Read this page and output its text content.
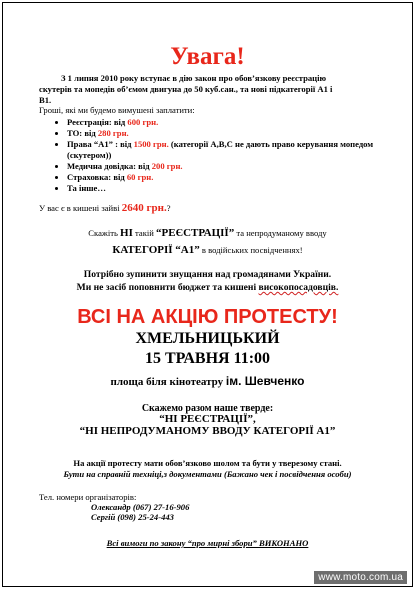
Увага!
З 1 липня 2010 року вступає в дію закон про обов’язкову реєстрацію
скутерів та мопедів об’ємом двигуна до 50 куб.сан., та нові підкатегорії А1 і
В1.
Гроші, які ми будемо вимушені заплатити:
• Реєстрація: від 600 грн.
• ТО: від 280 грн.
• Права “А1” : від 1500 грн. (категорії А,В,С не дають право керування мопедом (скутером))
• Медична довідка: від 200 грн.
• Страховка: від 60 грн.
• Та інше…
У вас є в кишені зайві 2640 грн.?
Скажіть НІ такій “РЕЄСТРАЦІЇ” та непродуманому вводу
КАТЕГОРІЇ “А1” в водійських посвідченнях!
Потрібно зупинити знущання над громадянами України.
Ми не засіб поповнити бюджет та кишені високопосадовців.
ВСІ НА АКЦІЮ ПРОТЕСТУ!
ХМЕЛЬНИЦЬКИЙ
15 ТРАВНЯ 11:00
площа біля кінотеатру ім. Шевченко
Скажемо разом наше тверде:
“НІ РЕЄСТРАЦІЇ”,
“НІ НЕПРОДУМАНОМУ ВВОДУ КАТЕГОРІЇ А1”
На акції протесту мати обов’язково шолом та бути у тверезому стані.
Бути на справній техніці,з документами (Бажано чек і посвідчення особи)
Тел. номери організаторів:
Олександр (067) 27-16-906
Сергій (098) 25-24-443
Всі вимоги по закону “про мирні збори” ВИКОНАНО
www.moto.com.ua
